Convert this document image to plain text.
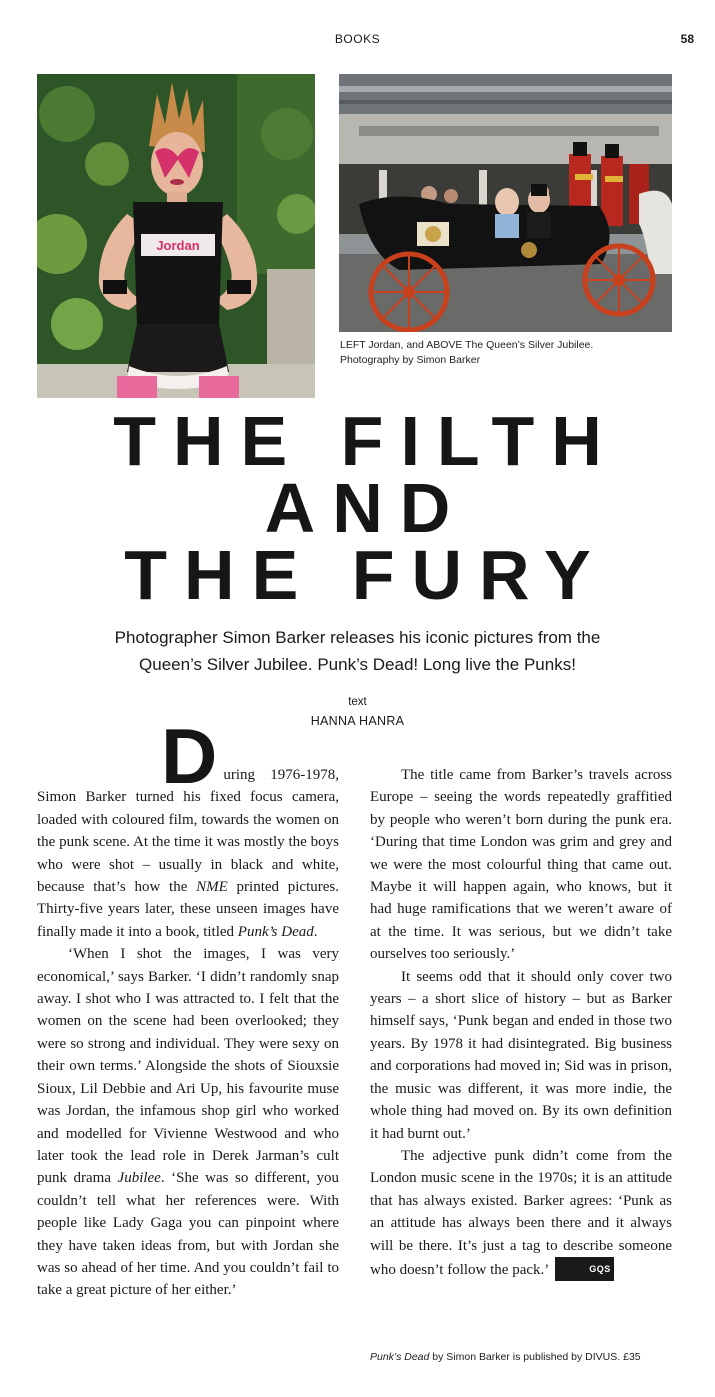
BOOKS	58
Jordan
LEFT Jordan, and ABOVE The Queen’s Silver Jubilee.
Photography by Simon Barker
THE FILTH
AND
THE FURY
Photographer Simon Barker releases his iconic pictures from the
Queen’s Silver Jubilee. Punk’s Dead! Long live the Punks!
text
HANNA HANRA

During 1976-1978, Simon Barker turned his fixed focus camera, loaded with coloured film, towards the women on the punk scene. At the time it was mostly the boys who were shot – usually in black and white, because that’s how the NME printed pictures. Thirty-five years later, these unseen images have finally made it into a book, titled Punk’s Dead.

‘When I shot the images, I was very economical,’ says Barker. ‘I didn’t randomly snap away. I shot who I was attracted to. I felt that the women on the scene had been overlooked; they were so strong and individual. They were sexy on their own terms.’ Alongside the shots of Siouxsie Sioux, Lil Debbie and Ari Up, his favourite muse was Jordan, the infamous shop girl who worked and modelled for Vivienne Westwood and who later took the lead role in Derek Jarman’s cult punk drama Jubilee. ‘She was so different, you couldn’t tell what her references were. With people like Lady Gaga you can pinpoint where they have taken ideas from, but with Jordan she was so ahead of her time. And you couldn’t fail to take a great picture of her either.’

The title came from Barker’s travels across Europe – seeing the words repeatedly graffitied by people who weren’t born during the punk era. ‘During that time London was grim and grey and we were the most colourful thing that came out. Maybe it will happen again, who knows, but it had huge ramifications that we weren’t aware of at the time. It was serious, but we didn’t take ourselves too seriously.’

It seems odd that it should only cover two years – a short slice of history – but as Barker himself says, ‘Punk began and ended in those two years. By 1978 it had disintegrated. Big business and corporations had moved in; Sid was in prison, the music was different, it was more indie, the whole thing had moved on. By its own definition it had burnt out.’

The adjective punk didn’t come from the London music scene in the 1970s; it is an attitude that has always existed. Barker agrees: ‘Punk as an attitude has always been there and it always will be there. It’s just a tag to describe someone who doesn’t follow the pack.’	GQS

Punk’s Dead by Simon Barker is published by DIVUS. £35
